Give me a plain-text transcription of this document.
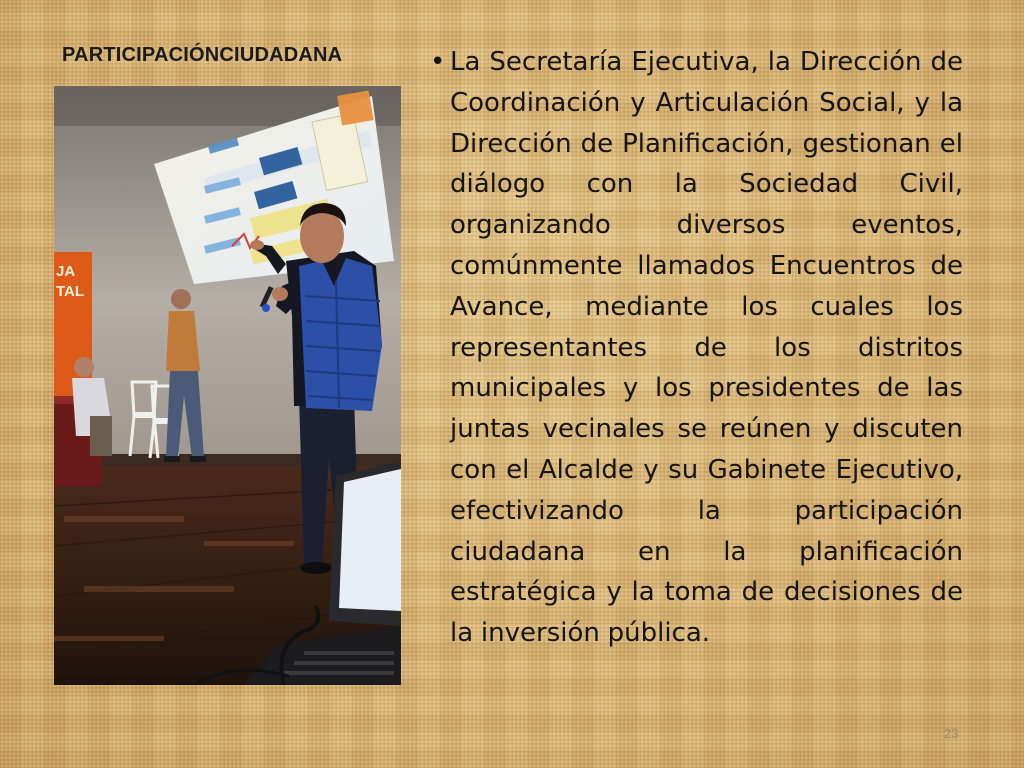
PARTICIPACIÓNCIUDADANA
JA
TAL
• La Secretaría Ejecutiva, la Dirección de Coordinación y Articulación Social, y la Dirección de Planificación, gestionan el diálogo con la Sociedad Civil, organizando diversos eventos, comúnmente llamados Encuentros de Avance, mediante los cuales los representantes de los distritos municipales y los presidentes de las juntas vecinales se reúnen y discuten con el Alcalde y su Gabinete Ejecutivo, efectivizando la participación ciudadana en la planificación estratégica y la toma de decisiones de la inversión pública.
23
